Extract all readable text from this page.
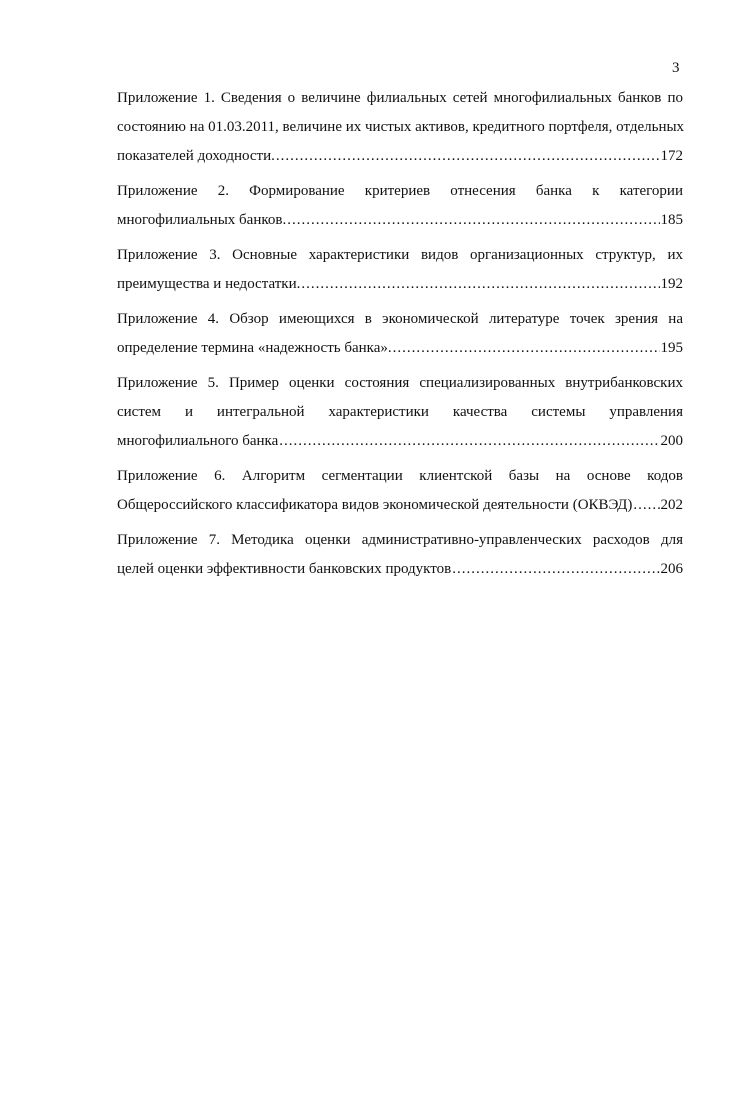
3
Приложение 1. Сведения о величине филиальных сетей многофилиальных банков по
состоянию на 01.03.2011, величине их чистых активов, кредитного портфеля, отдельных
показателей доходности. .....	172
Приложение 2. Формирование критериев отнесения банка к категории
многофилиальных банков. .....	185
Приложение 3. Основные характеристики видов организационных структур, их
преимущества и недостатки. .....	192
Приложение 4. Обзор имеющихся в экономической литературе точек зрения на
определение термина «надежность банка». .....	195
Приложение 5. Пример оценки состояния специализированных внутрибанковских
систем и интегральной характеристики качества системы управления
многофилиального банка .....	200
Приложение 6. Алгоритм сегментации клиентской базы на основе кодов
Общероссийского классификатора видов экономической деятельности (ОКВЭД) ..... 202
Приложение 7. Методика оценки административно-управленческих расходов для
целей оценки эффективности банковских продуктов .....	206
